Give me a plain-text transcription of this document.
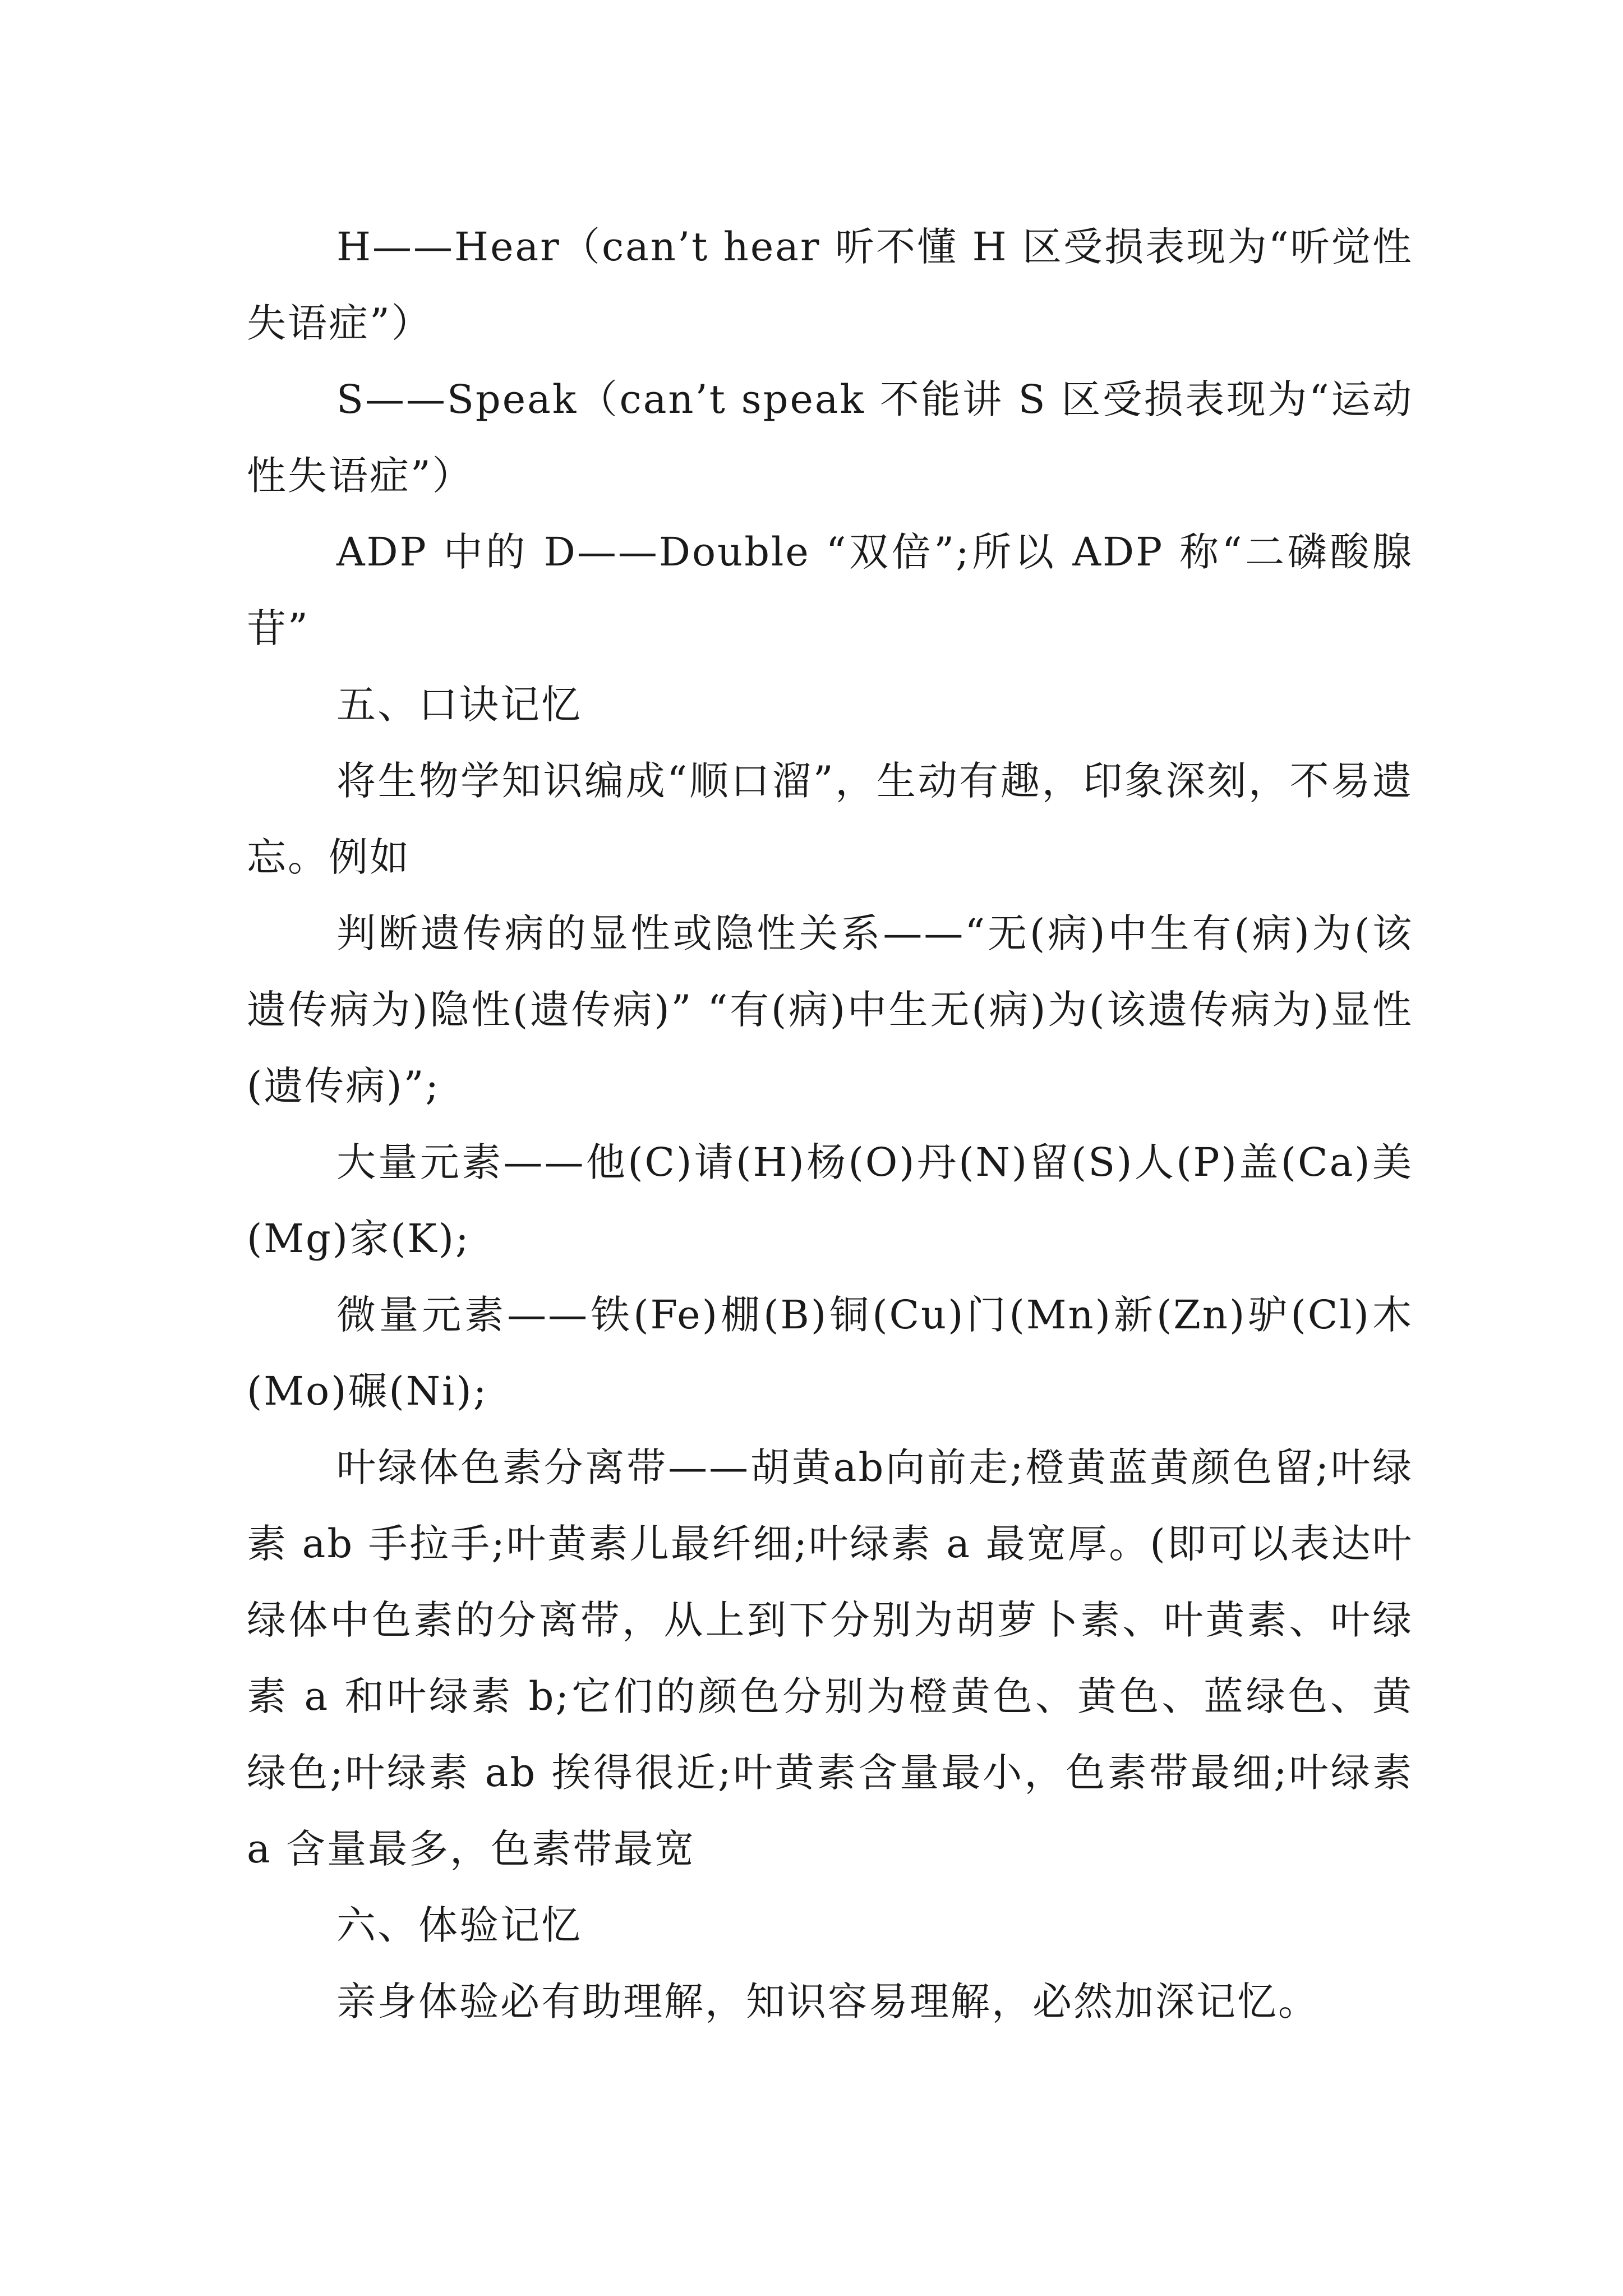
H——Hear（can’t hear 听不懂 H 区受损表现为“听觉性失语症”）

S——Speak（can’t speak 不能讲 S 区受损表现为“运动性失语症”）

ADP 中的 D——Double “双倍”;所以 ADP 称“二磷酸腺苷”

五、口诀记忆

将生物学知识编成“顺口溜”，生动有趣，印象深刻，不易遗忘。例如

判断遗传病的显性或隐性关系——“无(病)中生有(病)为(该遗传病为)隐性(遗传病)” “有(病)中生无(病)为(该遗传病为)显性(遗传病)”;

大量元素——他(C)请(H)杨(O)丹(N)留(S)人(P)盖(Ca)美(Mg)家(K);

微量元素——铁(Fe)棚(B)铜(Cu)门(Mn)新(Zn)驴(Cl)木(Mo)碾(Ni);

叶绿体色素分离带——胡黄ab向前走;橙黄蓝黄颜色留;叶绿素 ab 手拉手;叶黄素儿最纤细;叶绿素 a 最宽厚。(即可以表达叶绿体中色素的分离带，从上到下分别为胡萝卜素、叶黄素、叶绿素 a 和叶绿素 b;它们的颜色分别为橙黄色、黄色、蓝绿色、黄绿色;叶绿素 ab 挨得很近;叶黄素含量最小，色素带最细;叶绿素 a 含量最多，色素带最宽

六、体验记忆

亲身体验必有助理解，知识容易理解，必然加深记忆。
